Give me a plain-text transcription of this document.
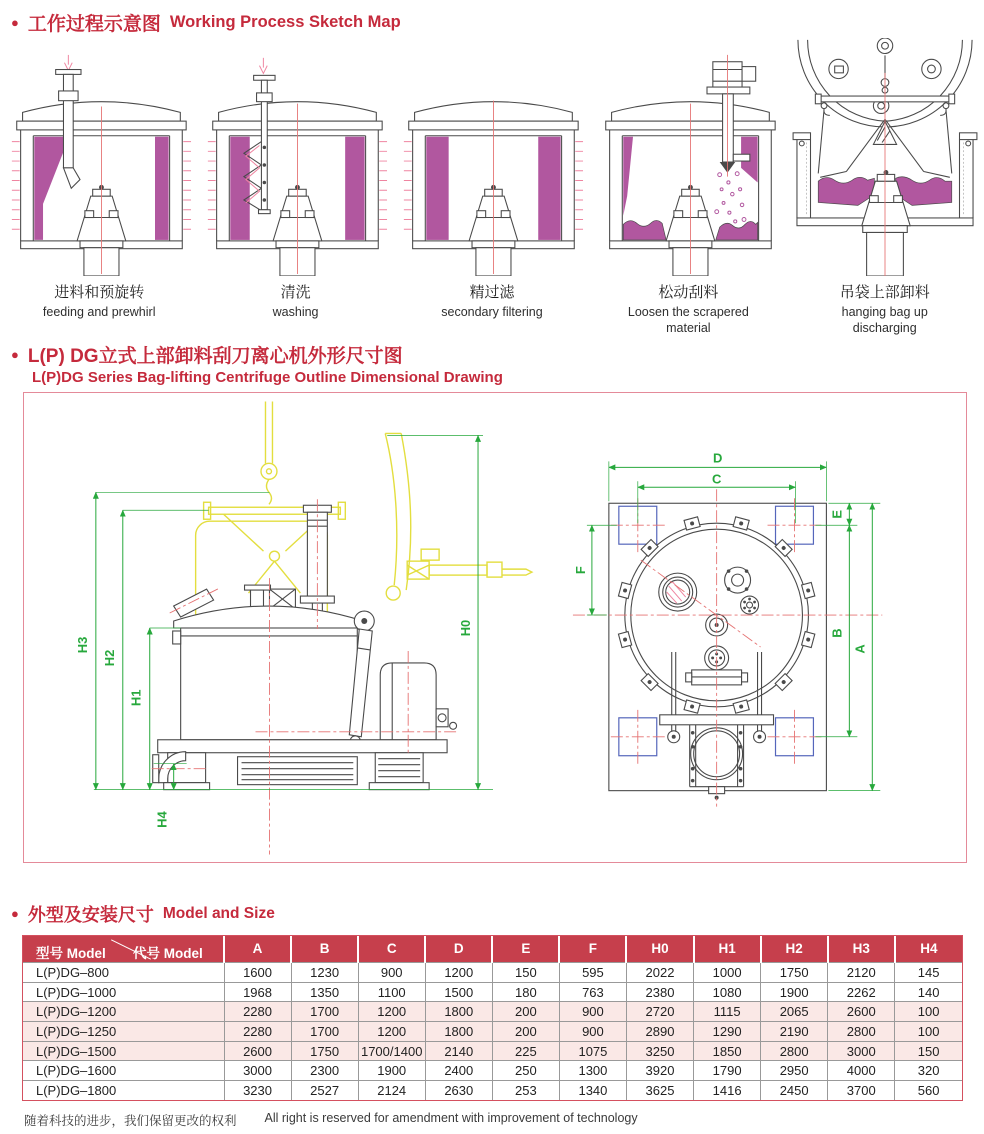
● 工作过程示意图 Working Process Sketch Map
进料和预旋转
feeding and prewhirl
清洗
washing
精过滤
secondary filtering
松动刮料
Loosen the scrapered material
吊袋上部卸料
hanging bag up discharging
● L(P) DG立式上部卸料刮刀离心机外形尺寸图
L(P)DG Series Bag-lifting Centrifuge Outline Dimensional Drawing
H3
H2
H1
H4
H0
D
C
E
F
B
A
● 外型及安装尺寸 Model and Size
型号 Model 代号 Model	A	B	C	D	E	F	H0	H1	H2	H3	H4
L(P)DG–800	1600	1230	900	1200	150	595	2022	1000	1750	2120	145
L(P)DG–1000	1968	1350	1100	1500	180	763	2380	1080	1900	2262	140
L(P)DG–1200	2280	1700	1200	1800	200	900	2720	1115	2065	2600	100
L(P)DG–1250	2280	1700	1200	1800	200	900	2890	1290	2190	2800	100
L(P)DG–1500	2600	1750	1700/1400	2140	225	1075	3250	1850	2800	3000	150
L(P)DG–1600	3000	2300	1900	2400	250	1300	3920	1790	2950	4000	320
L(P)DG–1800	3230	2527	2124	2630	253	1340	3625	1416	2450	3700	560
随着科技的进步，我们保留更改的权利 All right is reserved for amendment with improvement of technology
